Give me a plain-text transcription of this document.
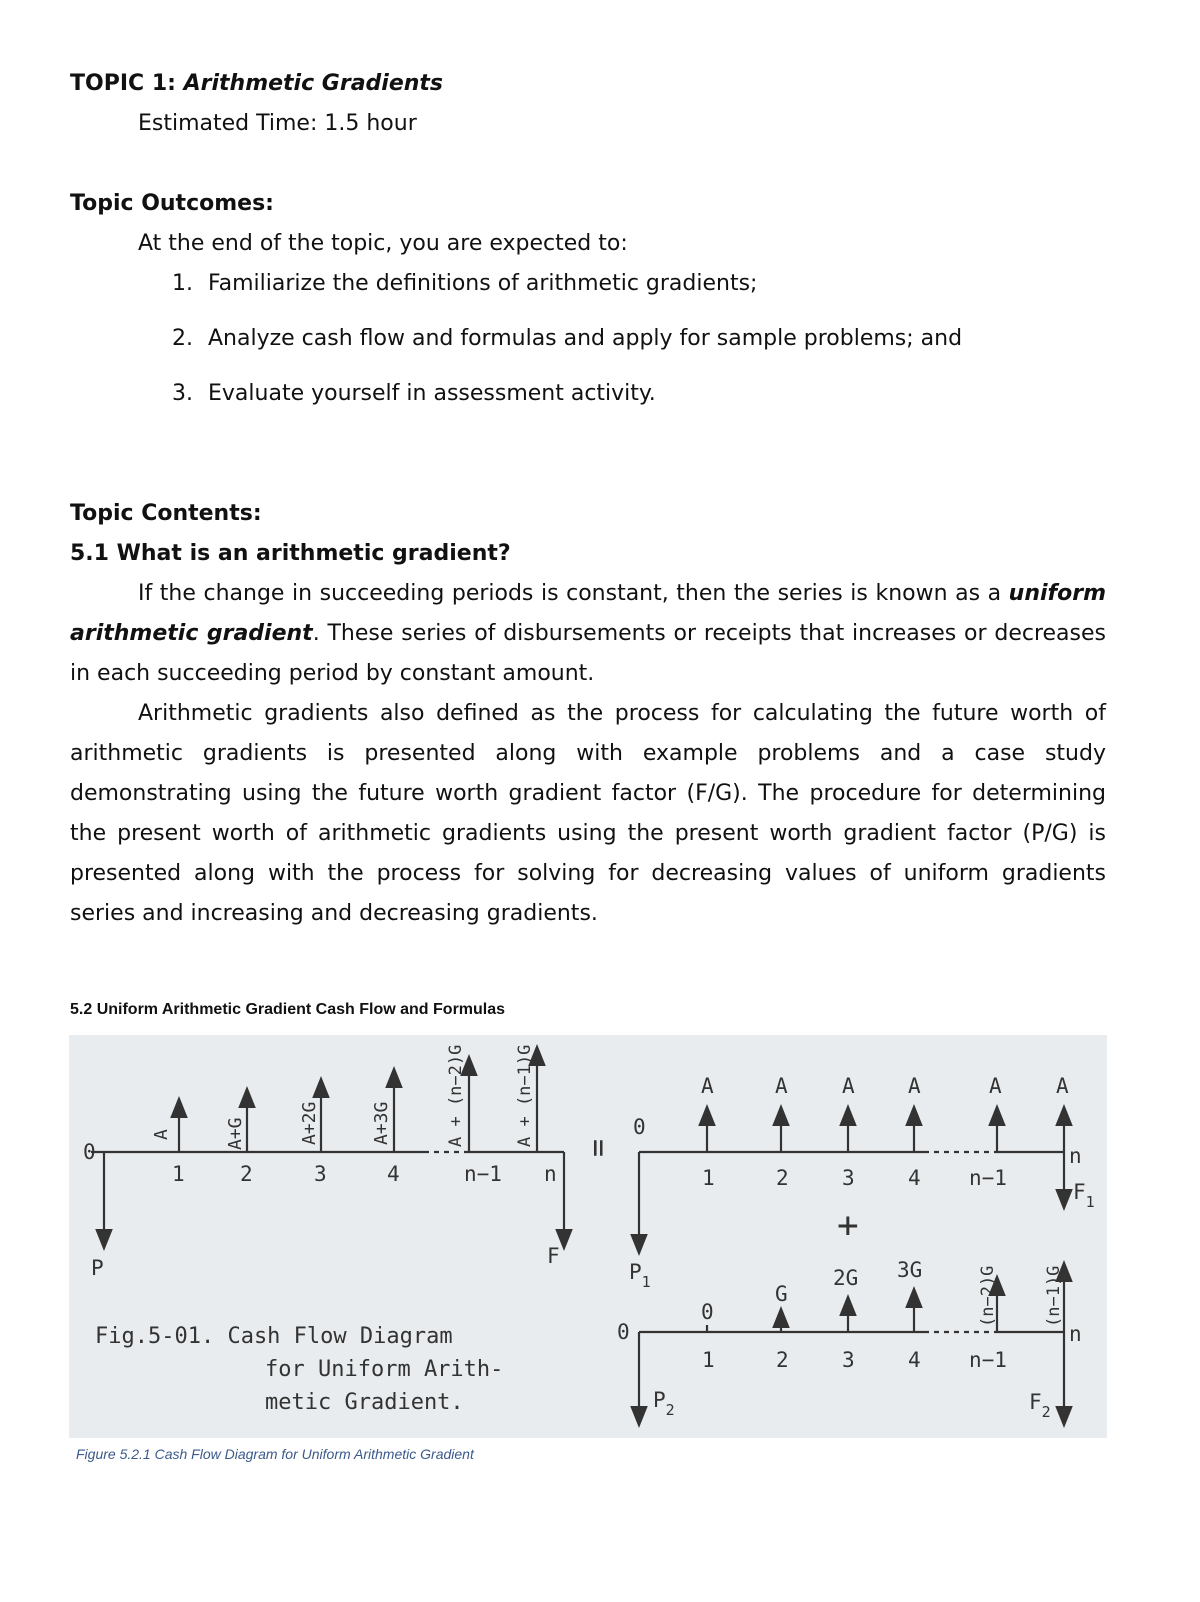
TOPIC 1: Arithmetic Gradients
Estimated Time: 1.5 hour
Topic Outcomes:
At the end of the topic, you are expected to:
1. Familiarize the definitions of arithmetic gradients;
2. Analyze cash flow and formulas and apply for sample problems; and
3. Evaluate yourself in assessment activity.
Topic Contents:
5.1 What is an arithmetic gradient?
If the change in succeeding periods is constant, then the series is known as a uniform arithmetic gradient. These series of disbursements or receipts that increases or decreases in each succeeding period by constant amount.
Arithmetic gradients also defined as the process for calculating the future worth of arithmetic gradients is presented along with example problems and a case study demonstrating using the future worth gradient factor (F/G). The procedure for determining the present worth of arithmetic gradients using the present worth gradient factor (P/G) is presented along with the process for solving for decreasing values of uniform gradients series and increasing and decreasing gradients.
5.2 Uniform Arithmetic Gradient Cash Flow and Formulas
0
1	2	3	4	n−1 n
P	F
A	A+G	A+2G	A+3G	A + (n−2)G	A + (n−1)G
=
0
A	A	A	A	A	A
1	2	3	4 n−1
n
$P_1$
$F_1$
+
0
0
G
2G 3G	(n−2)G	(n−1)G
1	2	3	4 n−1
n
$P_2$	$F_2$
Fig.5-01. Cash Flow Diagram
for Uniform Arith-
metic Gradient.
Figure 5.2.1 Cash Flow Diagram for Uniform Arithmetic Gradient
